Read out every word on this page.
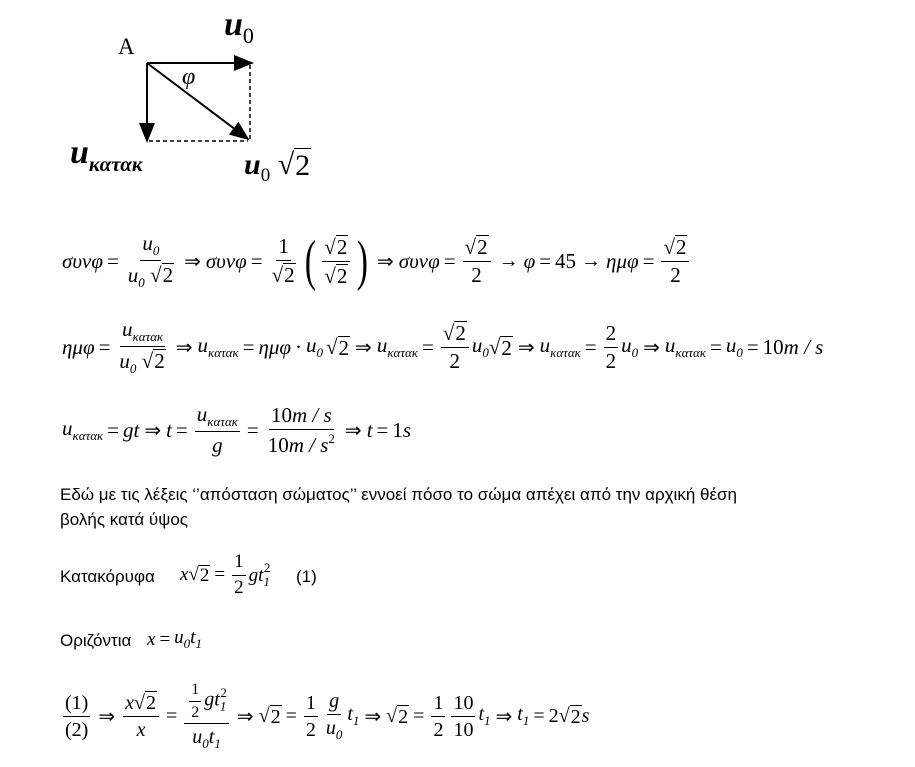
A
$u_0$
φ
$u_{\kappa\alpha\tau\alpha к}$	$u_0$ √ 2
$\sigma\upsilon\nu\varphi = \frac{u_0}{u_0 √ 2}$ ⇒ $\sigma\upsilon\nu\varphi = \frac{1}{√ 2}$ ( $\frac{√ 2}{√ 2}$ ) ⇒ $\sigma\upsilon\nu\varphi = \frac{√ 2}{2} \to \varphi = 45 \to \eta\mu\varphi = \frac{√ 2}{2}$
$\eta\mu\varphi = \frac{u_{\kappa\alpha\tau\alpha к}}{u_0 √ 2}$ ⇒ $u_{\kappa\alpha\tau\alpha к} = \eta\mu\varphi \cdot u_0$ √ 2 ⇒ $u_{\kappa\alpha\tau\alpha к} = \frac{√ 2}{2} u_0$ √ 2 ⇒ $u_{\kappa\alpha\tau\alpha к} = \frac{2}{2} u_0$ ⇒ $u_{\kappa\alpha\tau\alpha к} = u_0 = 10$ m / s
$u_{\kappa\alpha\tau\alpha к}$ = gt ⇒ $t = \frac{u_{\kappa\alpha\tau\alpha к}}{g} = \frac{10m / s}{10m / s^2}$ ⇒ t = 1 s
Εδώ με τις λέξεις ‘’απόσταση σώματος’’ εννοεί πόσο το σώμα απέχει από την αρχική θέση
βολής κατά ύψος
Κατακόρυφα x √ $2 = \frac{1}{2} gt_1^2$ (1)
Οριζόντια $x = u_0t_1$
$\frac{(1)}{(2)}$ ⇒ $\frac{x√ 2}{x} = \frac{\frac{1}{2} gt_1^2}{u_0t_1}$ ⇒ √ $2 = \frac{1}{2} \frac{g}{u_0} t_1$ ⇒ √ $2 = \frac{1}{2} \frac{10}{10} t_1$ ⇒ $t_1 = 2$ √ 2 s
